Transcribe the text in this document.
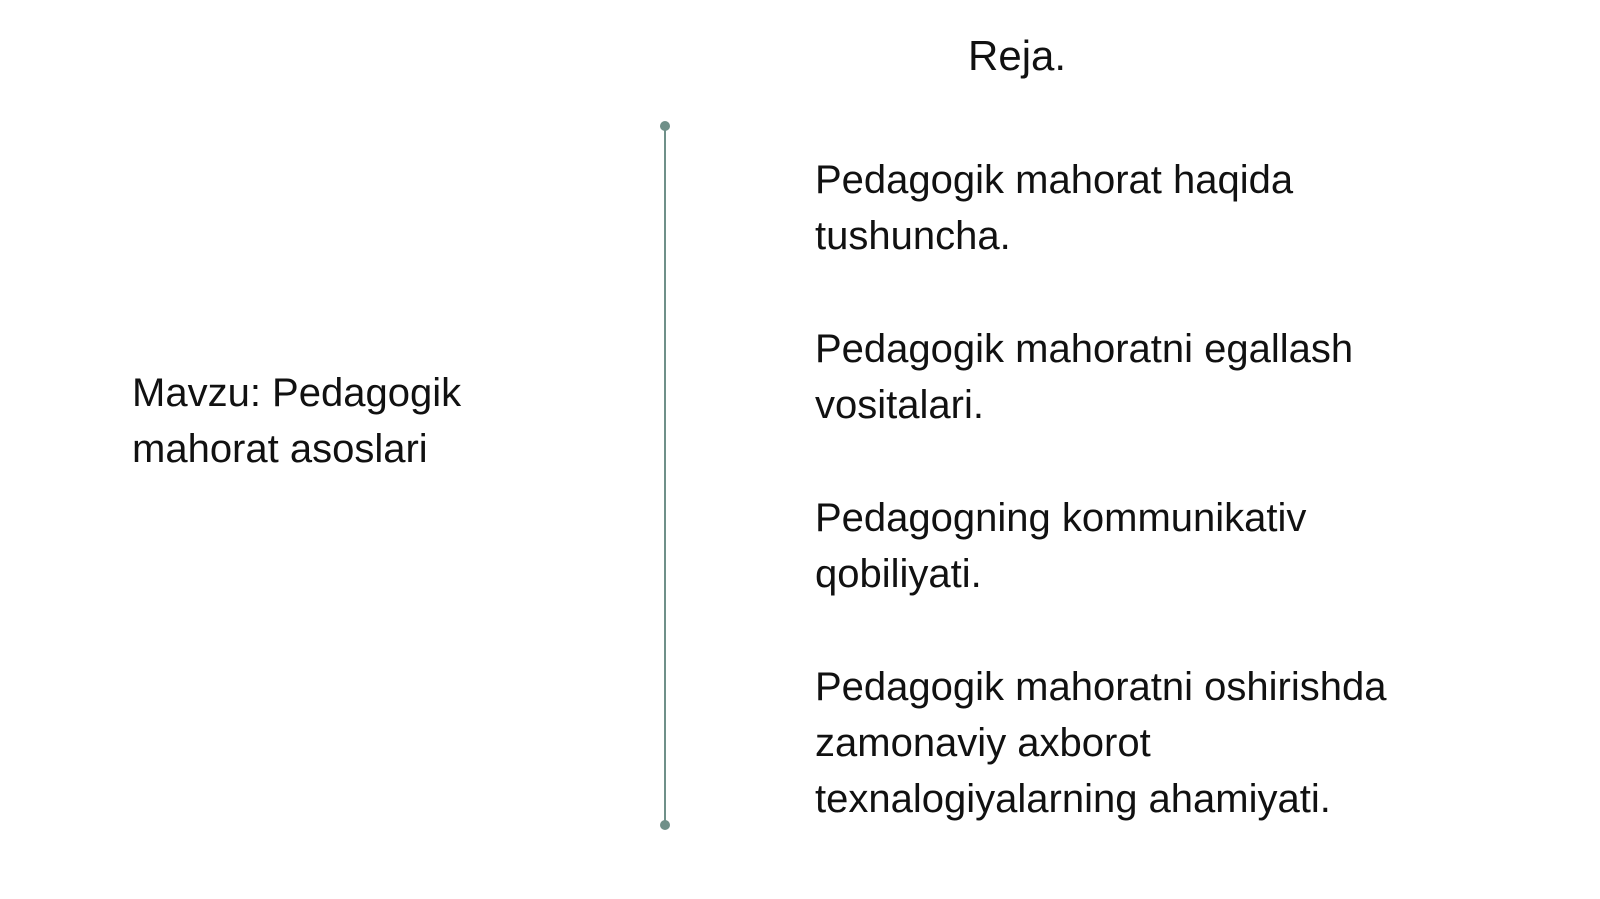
Reja.
Mavzu: Pedagogik mahorat asoslari
Pedagogik mahorat haqida tushuncha.
Pedagogik mahoratni egallash vositalari.
Pedagogning kommunikativ qobiliyati.
Pedagogik mahoratni oshirishda zamonaviy axborot texnalogiyalarning ahamiyati.
